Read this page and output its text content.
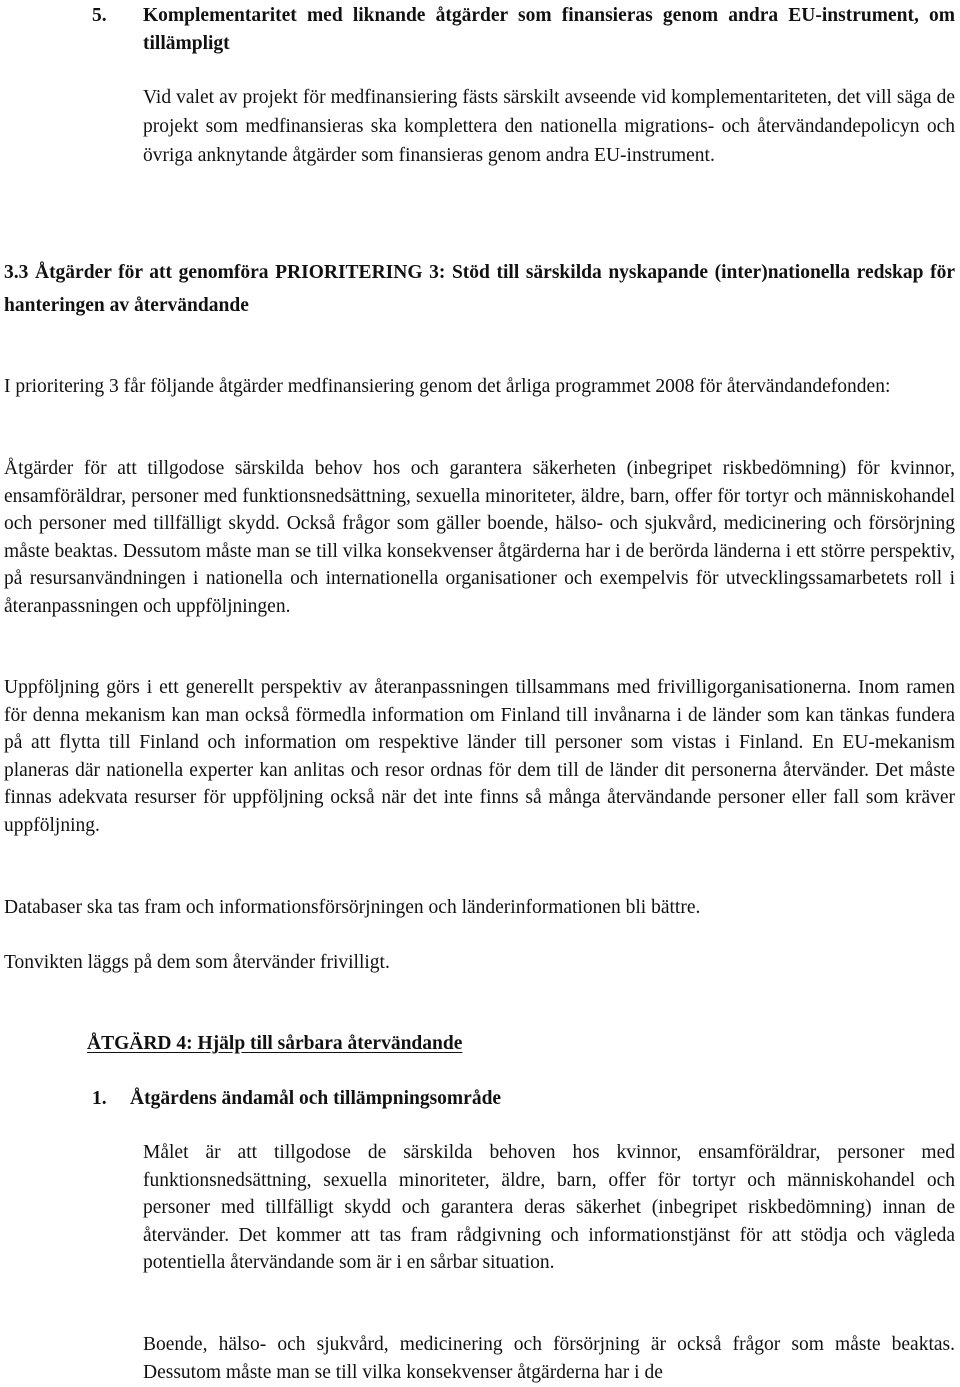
5. Komplementaritet med liknande åtgärder som finansieras genom andra EU-instrument, om tillämpligt

Vid valet av projekt för medfinansiering fästs särskilt avseende vid komplementariteten, det vill säga de projekt som medfinansieras ska komplettera den nationella migrations- och återvändandepolicyn och övriga anknytande åtgärder som finansieras genom andra EU-instrument.

3.3 Åtgärder för att genomföra PRIORITERING 3: Stöd till särskilda nyskapande (inter)nationella redskap för hanteringen av återvändande

I prioritering 3 får följande åtgärder medfinansiering genom det årliga programmet 2008 för återvändandefonden:

Åtgärder för att tillgodose särskilda behov hos och garantera säkerheten (inbegripet riskbedömning) för kvinnor, ensamföräldrar, personer med funktionsnedsättning, sexuella minoriteter, äldre, barn, offer för tortyr och människohandel och personer med tillfälligt skydd. Också frågor som gäller boende, hälso- och sjukvård, medicinering och försörjning måste beaktas. Dessutom måste man se till vilka konsekvenser åtgärderna har i de berörda länderna i ett större perspektiv, på resursanvändningen i nationella och internationella organisationer och exempelvis för utvecklingssamarbetets roll i återanpassningen och uppföljningen.

Uppföljning görs i ett generellt perspektiv av återanpassningen tillsammans med frivilligorganisationerna. Inom ramen för denna mekanism kan man också förmedla information om Finland till invånarna i de länder som kan tänkas fundera på att flytta till Finland och information om respektive länder till personer som vistas i Finland. En EU-mekanism planeras där nationella experter kan anlitas och resor ordnas för dem till de länder dit personerna återvänder. Det måste finnas adekvata resurser för uppföljning också när det inte finns så många återvändande personer eller fall som kräver uppföljning.

Databaser ska tas fram och informationsförsörjningen och länderinformationen bli bättre.

Tonvikten läggs på dem som återvänder frivilligt.

ÅTGÄRD 4: Hjälp till sårbara återvändande

1. Åtgärdens ändamål och tillämpningsområde

Målet är att tillgodose de särskilda behoven hos kvinnor, ensamföräldrar, personer med funktionsnedsättning, sexuella minoriteter, äldre, barn, offer för tortyr och människohandel och personer med tillfälligt skydd och garantera deras säkerhet (inbegripet riskbedömning) innan de återvänder. Det kommer att tas fram rådgivning och informationstjänst för att stödja och vägleda potentiella återvändande som är i en sårbar situation.

Boende, hälso- och sjukvård, medicinering och försörjning är också frågor som måste beaktas. Dessutom måste man se till vilka konsekvenser åtgärderna har i de
